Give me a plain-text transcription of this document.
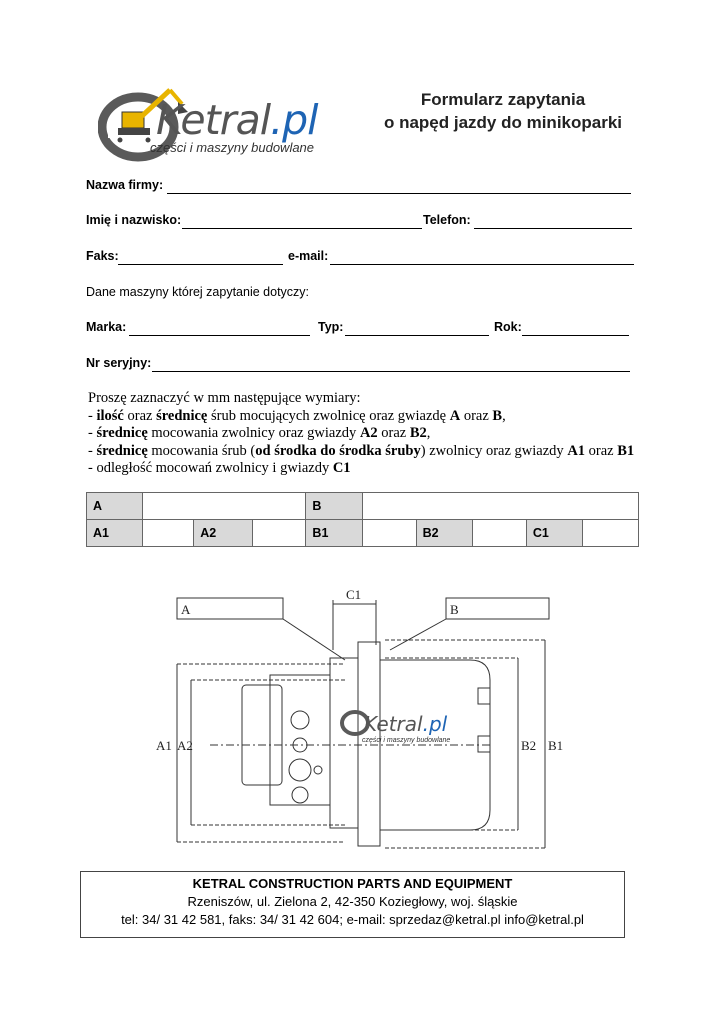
Ketral.pl
części i maszyny budowlane
Formularz zapytania
o napęd jazdy do minikoparki
Nazwa firmy:
Imię i nazwisko:	Telefon:
Faks:	e-mail:
Dane maszyny której zapytanie dotyczy:
Marka:	Typ:	Rok:
Nr seryjny:
Proszę zaznaczyć w mm następujące wymiary:
- ilość oraz średnicę śrub mocujących zwolnicę oraz gwiazdę A oraz B,
- średnicę mocowania zwolnicy oraz gwiazdy A2 oraz B2,
- średnicę mocowania śrub (od środka do środka śruby) zwolnicy oraz gwiazdy A1 oraz B1
- odległość mocowań zwolnicy i gwiazdy C1
A				B					
A1		A2		B1		B2		C1	
A	B
C1
A1 A2	B2 B1
Ketral.pl
części i maszyny budowlane
KETRAL CONSTRUCTION PARTS AND EQUIPMENT
Rzeniszów, ul. Zielona 2, 42-350 Koziegłowy, woj. śląskie
tel: 34/ 31 42 581, faks: 34/ 31 42 604; e-mail: sprzedaz@ketral.pl info@ketral.pl
